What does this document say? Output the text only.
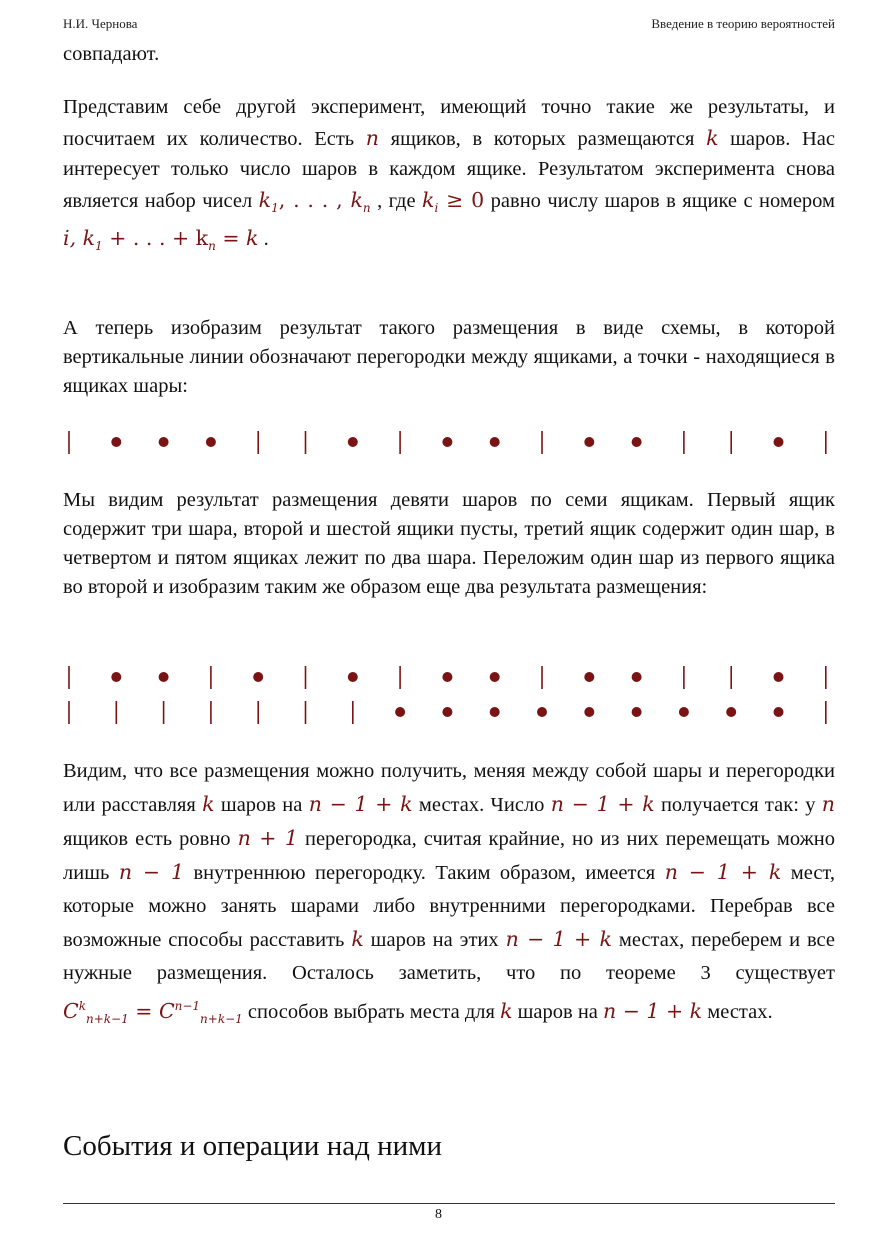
Н.И. Чернова	Введение в теорию вероятностей
совпадают.
Представим себе другой эксперимент, имеющий точно такие же результаты, и посчитаем их количество. Есть n ящиков, в которых размещаются k шаров. Нас интересует только число шаров в каждом ящике. Результатом эксперимента снова является набор чисел $k_1$, . . . , $k_n$ , где $k_i \ge 0$ равно числу шаров в ящике с номером i, $k_1$ + . . . + $k_n = k$ .
А теперь изобразим результат такого размещения в виде схемы, в которой вертикальные линии обозначают перегородки между ящиками, а точки - находящиеся в ящиках шары:
Мы видим результат размещения девяти шаров по семи ящикам. Первый ящик содержит три шара, второй и шестой ящики пусты, третий ящик содержит один шар, в четвертом и пятом ящиках лежит по два шара. Переложим один шар из первого ящика во второй и изобразим таким же образом еще два результата размещения:
Видим, что все размещения можно получить, меняя между собой шары и перегородки или расставляя k шаров на n − 1 + k местах. Число n − 1 + k получается так: у n ящиков есть ровно n + 1 перегородка, считая крайние, но из них перемещать можно лишь n − 1 внутреннюю перегородку. Таким образом, имеется n − 1 + k мест, которые можно занять шарами либо внутренними перегородками. Перебрав все возможные способы расставить k шаров на этих n − 1 + k местах, переберем и все нужные размещения. Осталось заметить, что по теореме 3 существует $C^k_{n+k-1} = C^{n-1}_{n+k-1}$ способов выбрать места для k шаров на n − 1 + k местах.
События и операции над ними
8
